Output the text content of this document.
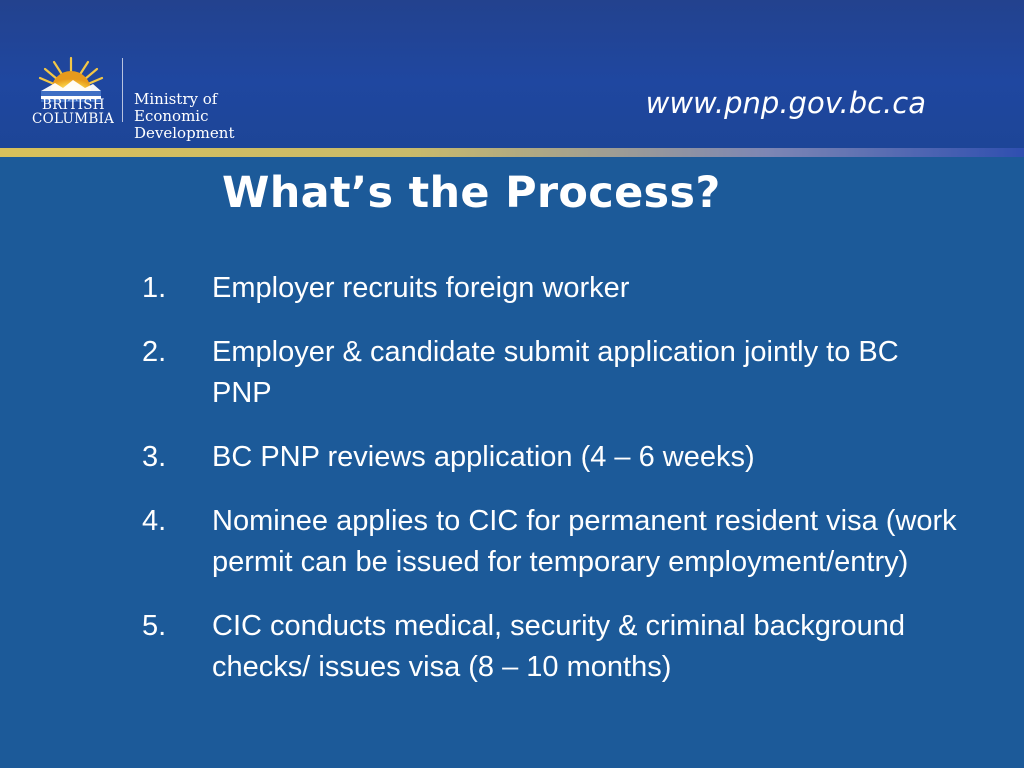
BRITISH
COLUMBIA
Ministry of
Economic Development
www.pnp.gov.bc.ca
What’s the Process?
1.	Employer recruits foreign worker
2.	Employer & candidate submit application jointly to BC PNP
3.	BC PNP reviews application (4 – 6 weeks)
4.	Nominee applies to CIC for permanent resident visa (work permit can be issued for temporary employment/entry)
5.	CIC conducts medical, security & criminal background checks/ issues visa (8 – 10 months)
